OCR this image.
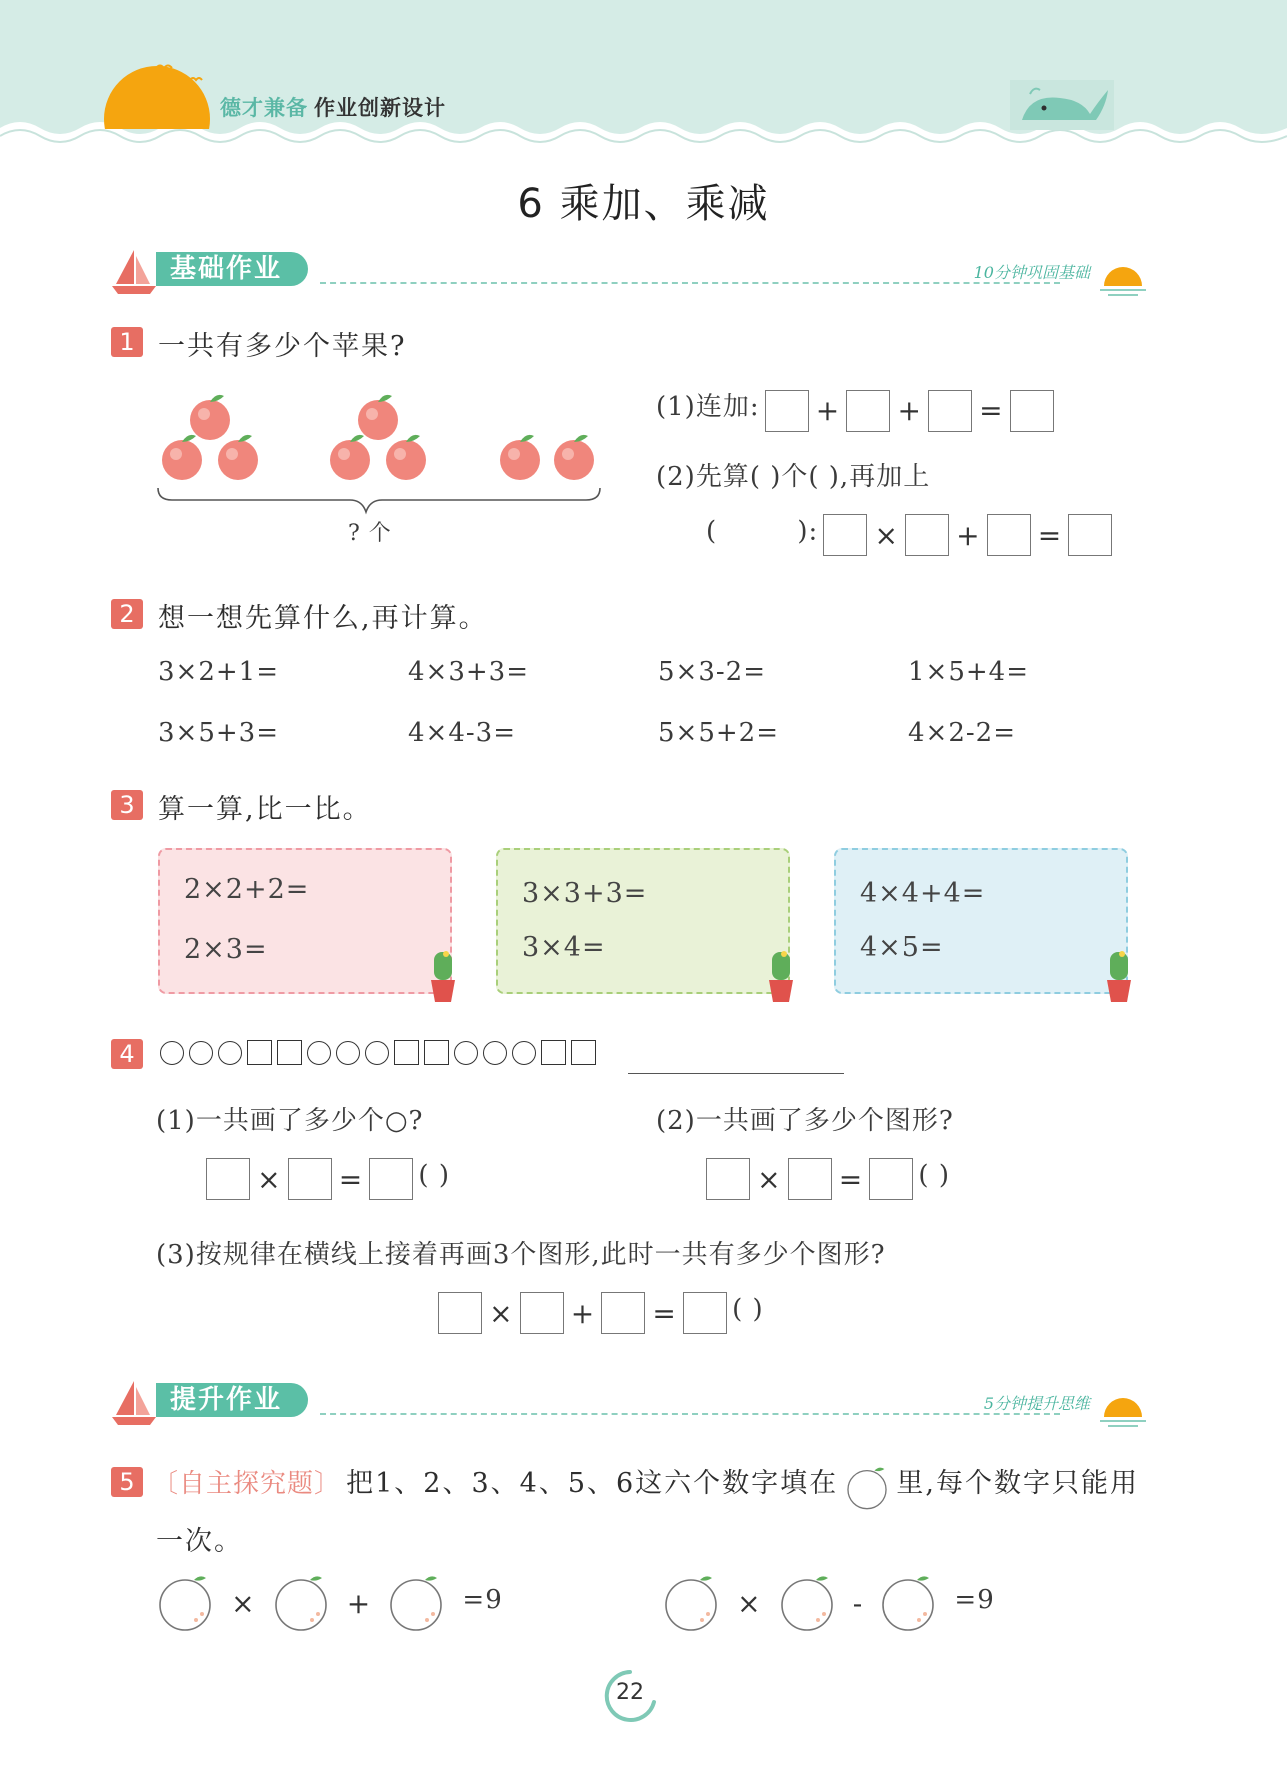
德才兼备 作业创新设计
6 乘加、乘减
基础作业	10分钟巩固基础
1 一共有多少个苹果?
? 个
(1)连加: + + =
(2)先算( )个( ),再加上
(	): × + =
2 想一想先算什么,再计算。
3×2+1=	4×3+3=	5×3-2=	1×5+4=
3×5+3=	4×4-3=	5×5+2=	4×2-2=
3 算一算,比一比。
2×2+2=
2×3=
3×3+3=
3×4=
4×4+4=
4×5=
4
(1)一共画了多少个○?	(2)一共画了多少个图形?
× = ( )	× = ( )
(3)按规律在横线上接着再画3个图形,此时一共有多少个图形?
× + = ( )
提升作业	5分钟提升思维
5 〔自主探究题〕 把1、2、3、4、5、6这六个数字填在 里,每个数字只能用
一次。
×	+	=9	×	-	=9
22
